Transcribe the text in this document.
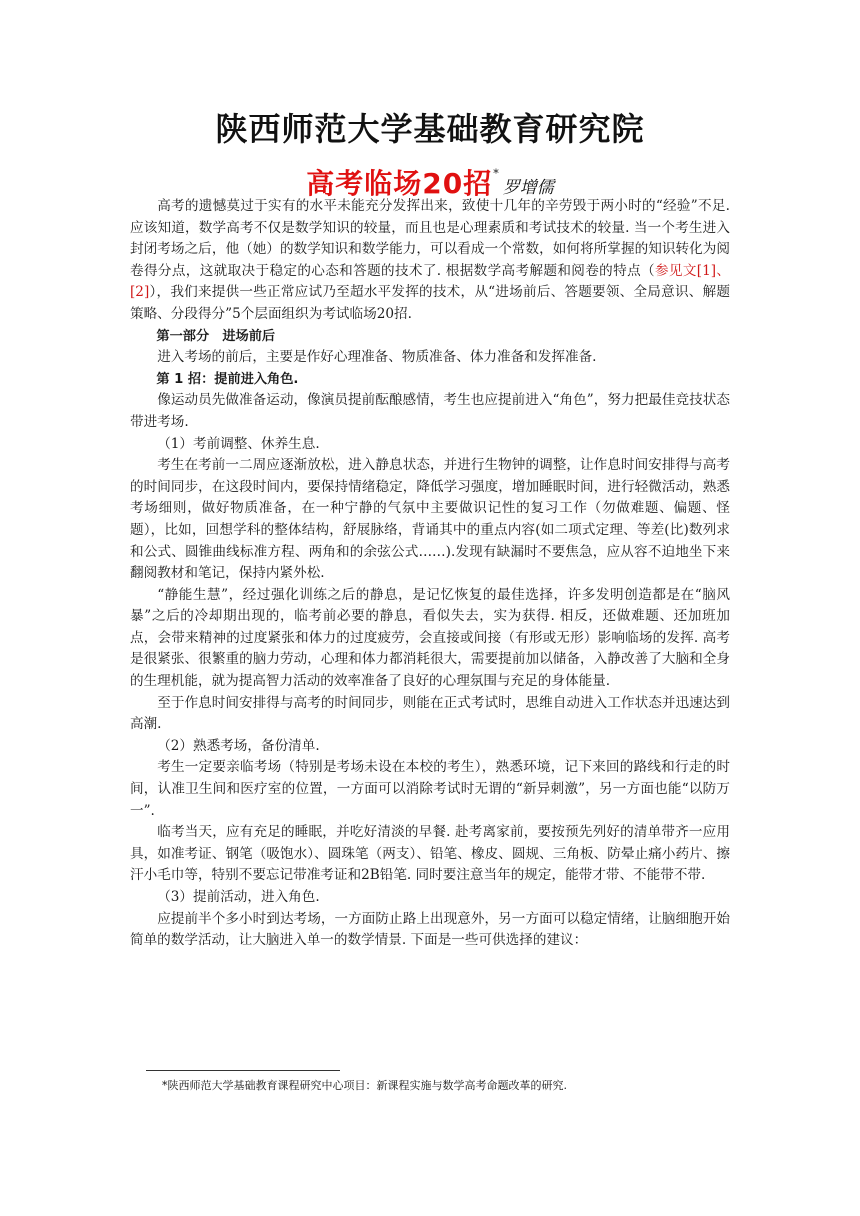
陕西师范大学基础教育研究院
高考临场20招*罗增儒

高考的遗憾莫过于实有的水平未能充分发挥出来，致使十几年的辛劳毁于两小时的“经验”不足. 应该知道，数学高考不仅是数学知识的较量，而且也是心理素质和考试技术的较量. 当一个考生进入封闭考场之后，他（她）的数学知识和数学能力，可以看成一个常数，如何将所掌握的知识转化为阅卷得分点，这就取决于稳定的心态和答题的技术了. 根据数学高考解题和阅卷的特点（参见文[1]、[2]），我们来提供一些正常应试乃至超水平发挥的技术，从“进场前后、答题要领、全局意识、解题策略、分段得分”5个层面组织为考试临场20招.

第一部分　进场前后

进入考场的前后，主要是作好心理准备、物质准备、体力准备和发挥准备.

第 1 招：提前进入角色.

像运动员先做准备运动，像演员提前酝酿感情，考生也应提前进入“角色”，努力把最佳竞技状态带进考场.

（1）考前调整、休养生息.

考生在考前一二周应逐渐放松，进入静息状态，并进行生物钟的调整，让作息时间安排得与高考的时间同步，在这段时间内，要保持情绪稳定，降低学习强度，增加睡眠时间，进行轻微活动，熟悉考场细则，做好物质准备，在一种宁静的气氛中主要做识记性的复习工作（勿做难题、偏题、怪题），比如，回想学科的整体结构，舒展脉络，背诵其中的重点内容(如二项式定理、等差(比)数列求和公式、圆锥曲线标准方程、两角和的余弦公式……).发现有缺漏时不要焦急，应从容不迫地坐下来翻阅教材和笔记，保持内紧外松.

“静能生慧”，经过强化训练之后的静息，是记忆恢复的最佳选择，许多发明创造都是在“脑风暴”之后的冷却期出现的，临考前必要的静息，看似失去，实为获得. 相反，还做难题、还加班加点，会带来精神的过度紧张和体力的过度疲劳，会直接或间接（有形或无形）影响临场的发挥. 高考是很紧张、很繁重的脑力劳动，心理和体力都消耗很大，需要提前加以储备，入静改善了大脑和全身的生理机能，就为提高智力活动的效率准备了良好的心理氛围与充足的身体能量.

至于作息时间安排得与高考的时间同步，则能在正式考试时，思维自动进入工作状态并迅速达到高潮.

（2）熟悉考场，备份清单.

考生一定要亲临考场（特别是考场未设在本校的考生），熟悉环境，记下来回的路线和行走的时间，认准卫生间和医疗室的位置，一方面可以消除考试时无谓的“新异刺激”，另一方面也能“以防万一”.

临考当天，应有充足的睡眠，并吃好清淡的早餐. 赴考离家前，要按预先列好的清单带齐一应用具，如准考证、钢笔（吸饱水）、圆珠笔（两支）、铅笔、橡皮、圆规、三角板、防晕止痛小药片、擦汗小毛巾等，特别不要忘记带准考证和2B铅笔. 同时要注意当年的规定，能带才带、不能带不带.

（3）提前活动，进入角色.

应提前半个多小时到达考场，一方面防止路上出现意外，另一方面可以稳定情绪，让脑细胞开始简单的数学活动，让大脑进入单一的数学情景. 下面是一些可供选择的建议：

*陕西师范大学基础教育课程研究中心项目：新课程实施与数学高考命题改革的研究.
